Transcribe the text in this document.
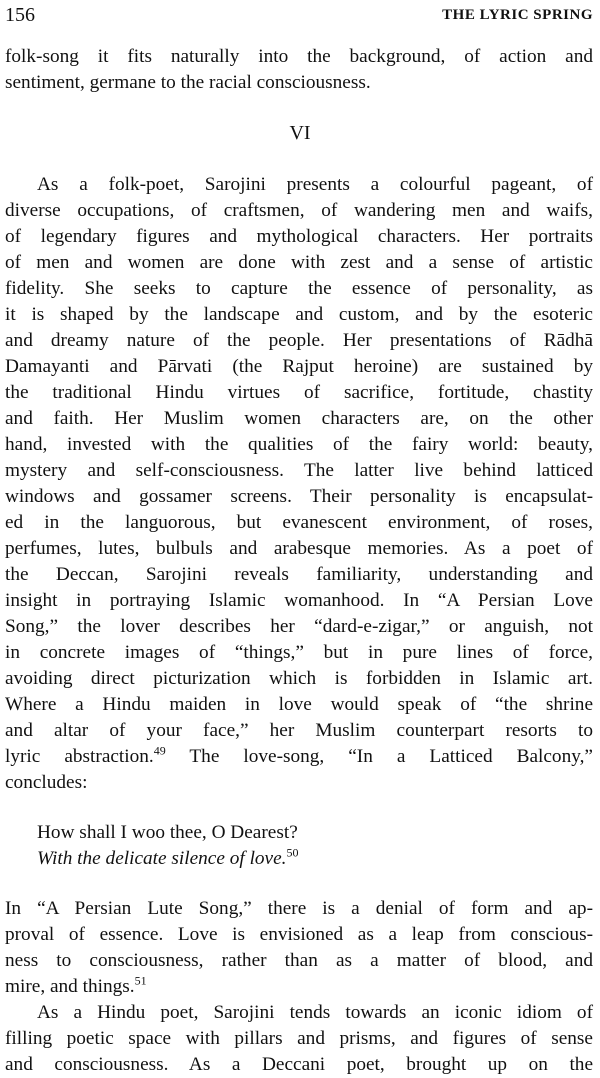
156	THE LYRIC SPRING
folk-song it fits naturally into the background, of action and
sentiment, germane to the racial consciousness.
VI
As a folk-poet, Sarojini presents a colourful pageant, of
diverse occupations, of craftsmen, of wandering men and waifs,
of legendary figures and mythological characters. Her portraits
of men and women are done with zest and a sense of artistic
fidelity. She seeks to capture the essence of personality, as
it is shaped by the landscape and custom, and by the esoteric
and dreamy nature of the people. Her presentations of Rādhā
Damayanti and Pārvati (the Rajput heroine) are sustained by
the traditional Hindu virtues of sacrifice, fortitude, chastity
and faith. Her Muslim women characters are, on the other
hand, invested with the qualities of the fairy world: beauty,
mystery and self-consciousness. The latter live behind latticed
windows and gossamer screens. Their personality is encapsulat-
ed in the languorous, but evanescent environment, of roses,
perfumes, lutes, bulbuls and arabesque memories. As a poet of
the Deccan, Sarojini reveals familiarity, understanding and
insight in portraying Islamic womanhood. In “A Persian Love
Song,” the lover describes her “dard-e-zigar,” or anguish, not
in concrete images of “things,” but in pure lines of force,
avoiding direct picturization which is forbidden in Islamic art.
Where a Hindu maiden in love would speak of “the shrine
and altar of your face,” her Muslim counterpart resorts to
lyric abstraction.$^{49}$ The love-song, “In a Latticed Balcony,”
concludes:
How shall I woo thee, O Dearest?
With the delicate silence of love.$^{50}$
In “A Persian Lute Song,” there is a denial of form and ap-
proval of essence. Love is envisioned as a leap from conscious-
ness to consciousness, rather than as a matter of blood, and
mire, and things.$^{51}$
As a Hindu poet, Sarojini tends towards an iconic idiom of
filling poetic space with pillars and prisms, and figures of sense
and consciousness. As a Deccani poet, brought up on the
